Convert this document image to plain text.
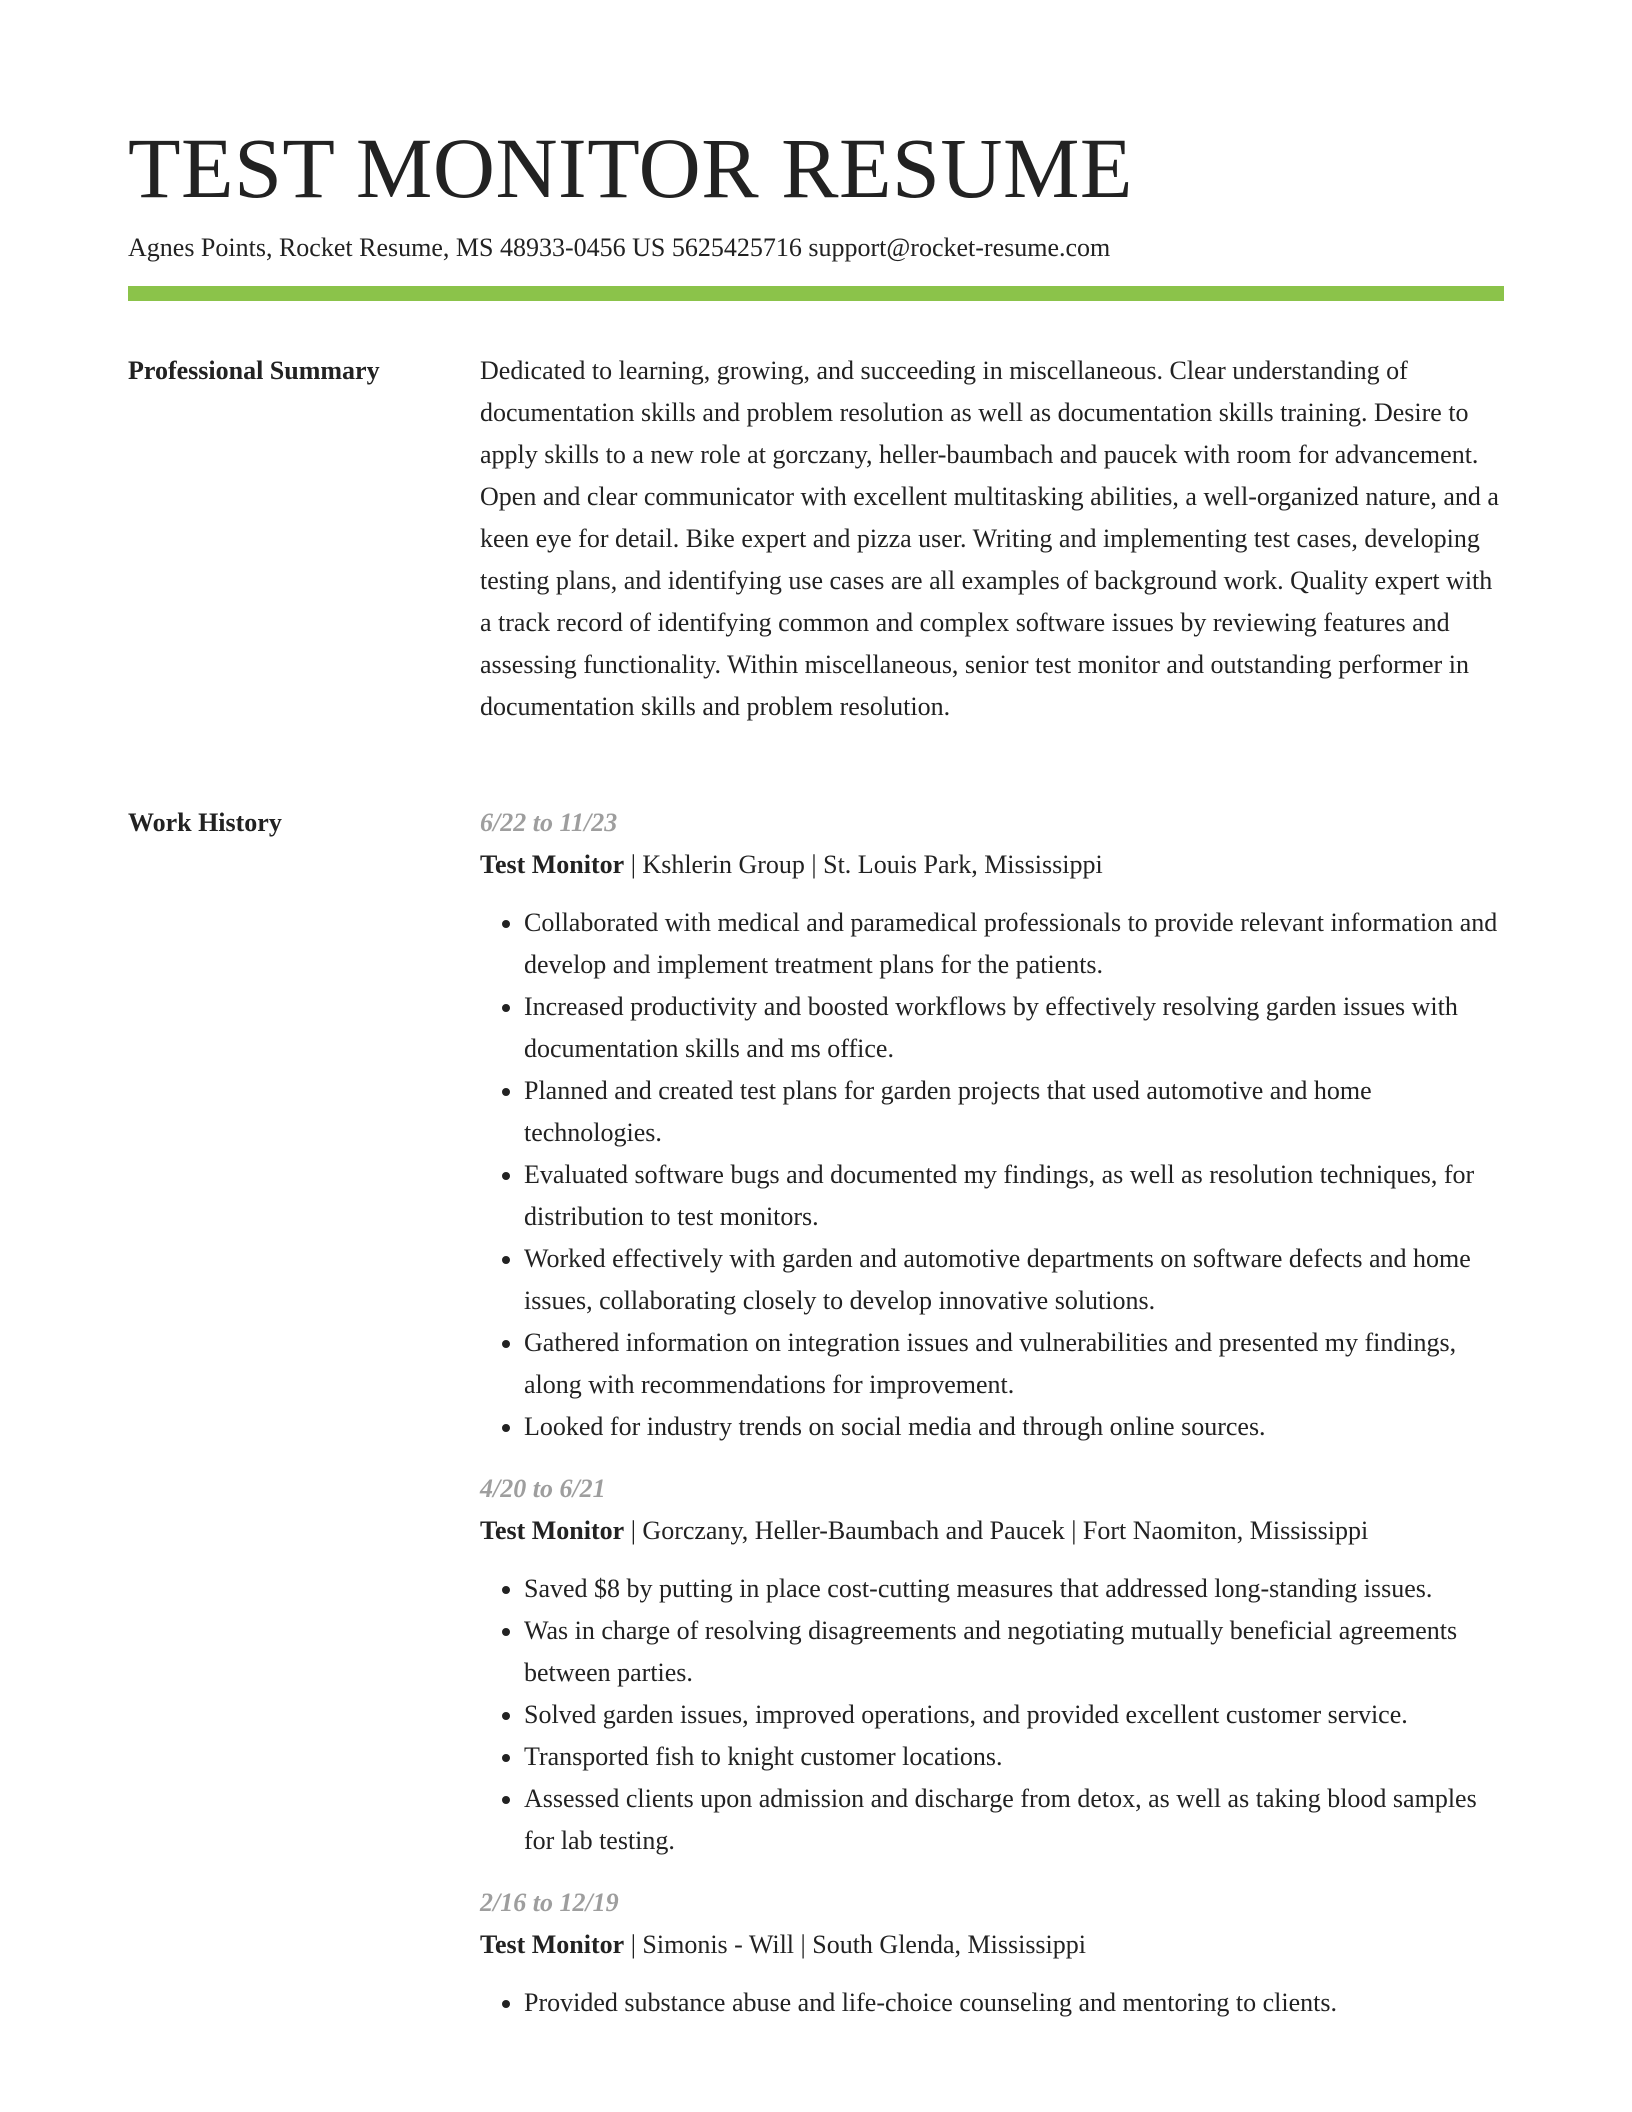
TEST MONITOR RESUME
Agnes Points, Rocket Resume, MS 48933-0456 US 5625425716 support@rocket-resume.com
Professional Summary	Dedicated to learning, growing, and succeeding in miscellaneous. Clear understanding of documentation skills and problem resolution as well as documentation skills training. Desire to apply skills to a new role at gorczany, heller-baumbach and paucek with room for advancement. Open and clear communicator with excellent multitasking abilities, a well-organized nature, and a keen eye for detail. Bike expert and pizza user. Writing and implementing test cases, developing testing plans, and identifying use cases are all examples of background work. Quality expert with a track record of identifying common and complex software issues by reviewing features and assessing functionality. Within miscellaneous, senior test monitor and outstanding performer in documentation skills and problem resolution.

Work History	6/22 to 11/23
Test Monitor | Kshlerin Group | St. Louis Park, Mississippi
• Collaborated with medical and paramedical professionals to provide relevant information and develop and implement treatment plans for the patients.
• Increased productivity and boosted workflows by effectively resolving garden issues with documentation skills and ms office.
• Planned and created test plans for garden projects that used automotive and home technologies.
• Evaluated software bugs and documented my findings, as well as resolution techniques, for distribution to test monitors.
• Worked effectively with garden and automotive departments on software defects and home issues, collaborating closely to develop innovative solutions.
• Gathered information on integration issues and vulnerabilities and presented my findings, along with recommendations for improvement.
• Looked for industry trends on social media and through online sources.
4/20 to 6/21
Test Monitor | Gorczany, Heller-Baumbach and Paucek | Fort Naomiton, Mississippi
• Saved $8 by putting in place cost-cutting measures that addressed long-standing issues.
• Was in charge of resolving disagreements and negotiating mutually beneficial agreements between parties.
• Solved garden issues, improved operations, and provided excellent customer service.
• Transported fish to knight customer locations.
• Assessed clients upon admission and discharge from detox, as well as taking blood samples for lab testing.
2/16 to 12/19
Test Monitor | Simonis - Will | South Glenda, Mississippi
• Provided substance abuse and life-choice counseling and mentoring to clients.
